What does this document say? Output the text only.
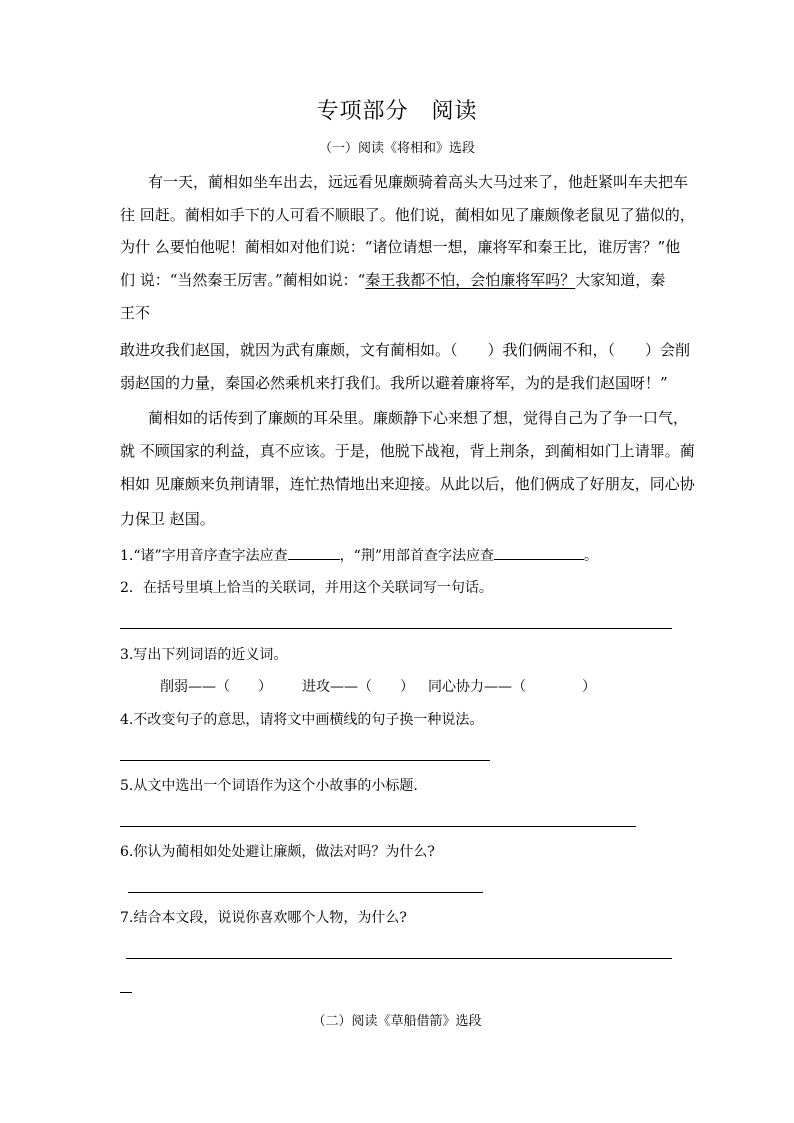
专项部分　阅读
（一）阅读《将相和》选段
有一天，蔺相如坐车出去，远远看见廉颇骑着高头大马过来了，他赶紧叫车夫把车
往 回赶。蔺相如手下的人可看不顺眼了。他们说，蔺相如见了廉颇像老鼠见了猫似的，
为什 么要怕他呢！蔺相如对他们说：“诸位请想一想，廉将军和秦王比，谁厉害？”他
们 说：“当然秦王厉害。”蔺相如说：“秦王我都不怕，会怕廉将军吗？大家知道，秦
王不
敢进攻我们赵国，就因为武有廉颇，文有蔺相如。（　　）我们俩闹不和，（　　）会削
弱赵国的力量，秦国必然乘机来打我们。我所以避着廉将军，为的是我们赵国呀！”
蔺相如的话传到了廉颇的耳朵里。廉颇静下心来想了想，觉得自己为了争一口气，
就 不顾国家的利益，真不应该。于是，他脱下战袍，背上荆条，到蔺相如门上请罪。蔺
相如 见廉颇来负荆请罪，连忙热情地出来迎接。从此以后，他们俩成了好朋友，同心协
力保卫 赵国。
1.“诸”字用音序查字法应查	，“荆”用部首查字法应查	。
2．在括号里填上恰当的关联词，并用这个关联词写一句话。
3.写出下列词语的近义词。
削弱——（　　） 进攻——（　　） 同心协力——（　　　　）
4.不改变句子的意思，请将文中画横线的句子换一种说法。
5.从文中选出一个词语作为这个小故事的小标题.
6.你认为蔺相如处处避让廉颇，做法对吗？为什么?
7.结合本文段，说说你喜欢哪个人物，为什么?
（二）阅读《草船借箭》选段
